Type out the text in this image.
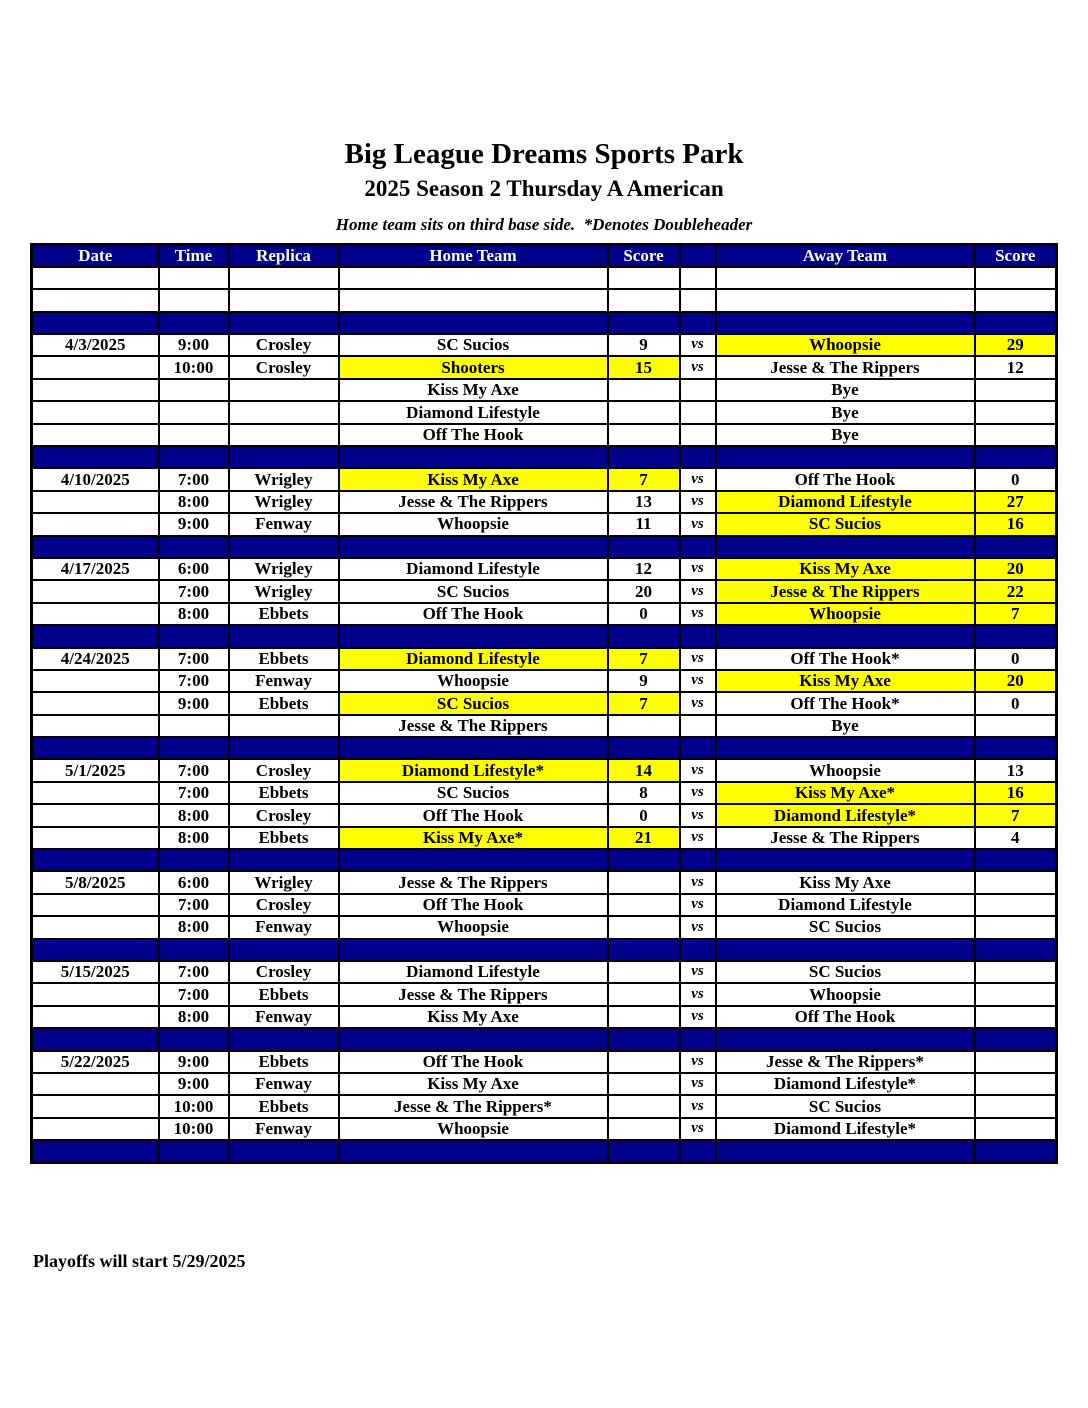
Big League Dreams Sports Park
2025 Season 2 Thursday A American
Home team sits on third base side.  *Denotes Doubleheader
Date	Time	Replica	Home Team	Score		Away Team	Score

4/3/2025	9:00	Crosley	SC Sucios	9	vs	Whoopsie	29
	10:00	Crosley	Shooters	15	vs	Jesse & The Rippers	12
			Kiss My Axe			Bye	
			Diamond Lifestyle			Bye	
			Off The Hook			Bye	

4/10/2025	7:00	Wrigley	Kiss My Axe	7	vs	Off The Hook	0
	8:00	Wrigley	Jesse & The Rippers	13	vs	Diamond Lifestyle	27
	9:00	Fenway	Whoopsie	11	vs	SC Sucios	16

4/17/2025	6:00	Wrigley	Diamond Lifestyle	12	vs	Kiss My Axe	20
	7:00	Wrigley	SC Sucios	20	vs	Jesse & The Rippers	22
	8:00	Ebbets	Off The Hook	0	vs	Whoopsie	7

4/24/2025	7:00	Ebbets	Diamond Lifestyle	7	vs	Off The Hook*	0
	7:00	Fenway	Whoopsie	9	vs	Kiss My Axe	20
	9:00	Ebbets	SC Sucios	7	vs	Off The Hook*	0
			Jesse & The Rippers			Bye	

5/1/2025	7:00	Crosley	Diamond Lifestyle*	14	vs	Whoopsie	13
	7:00	Ebbets	SC Sucios	8	vs	Kiss My Axe*	16
	8:00	Crosley	Off The Hook	0	vs	Diamond Lifestyle*	7
	8:00	Ebbets	Kiss My Axe*	21	vs	Jesse & The Rippers	4

5/8/2025	6:00	Wrigley	Jesse & The Rippers		vs	Kiss My Axe	
	7:00	Crosley	Off The Hook		vs	Diamond Lifestyle	
	8:00	Fenway	Whoopsie		vs	SC Sucios	

5/15/2025	7:00	Crosley	Diamond Lifestyle		vs	SC Sucios	
	7:00	Ebbets	Jesse & The Rippers		vs	Whoopsie	
	8:00	Fenway	Kiss My Axe		vs	Off The Hook	

5/22/2025	9:00	Ebbets	Off The Hook		vs	Jesse & The Rippers*	
	9:00	Fenway	Kiss My Axe		vs	Diamond Lifestyle*	
	10:00	Ebbets	Jesse & The Rippers*		vs	SC Sucios	
	10:00	Fenway	Whoopsie		vs	Diamond Lifestyle*	

Playoffs will start 5/29/2025
